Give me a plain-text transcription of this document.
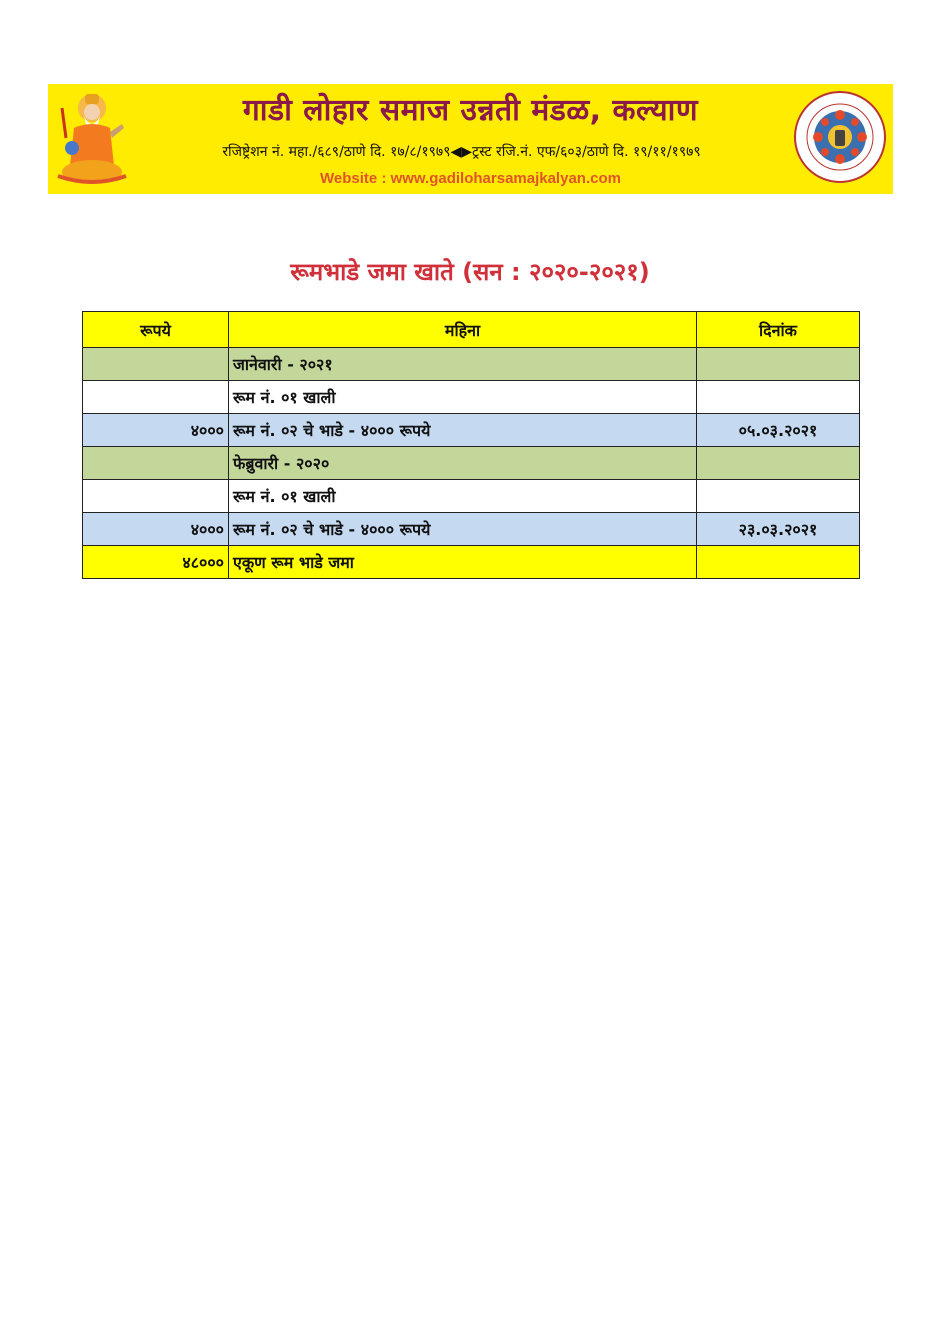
गाडी लोहार समाज उन्नती मंडळ, कल्याण
रजिष्ट्रेशन नं. महा./६८९/ठाणे दि. १७/८/१९७९◀▶ट्रस्ट रजि.नं. एफ/६०३/ठाणे दि. १९/११/१९७९
Website : www.gadiloharsamajkalyan.com
रूमभाडे जमा खाते (सन : २०२०-२०२१)
रूपये	महिना	दिनांक
	जानेवारी - २०२१	
	रूम नं. ०१ खाली	
४०००	रूम नं. ०२ चे भाडे - ४००० रूपये	०५.०३.२०२१
	फेब्रुवारी - २०२०	
	रूम नं. ०१ खाली	
४०००	रूम नं. ०२ चे भाडे - ४००० रूपये	२३.०३.२०२१
४८०००	एकूण रूम भाडे जमा	
